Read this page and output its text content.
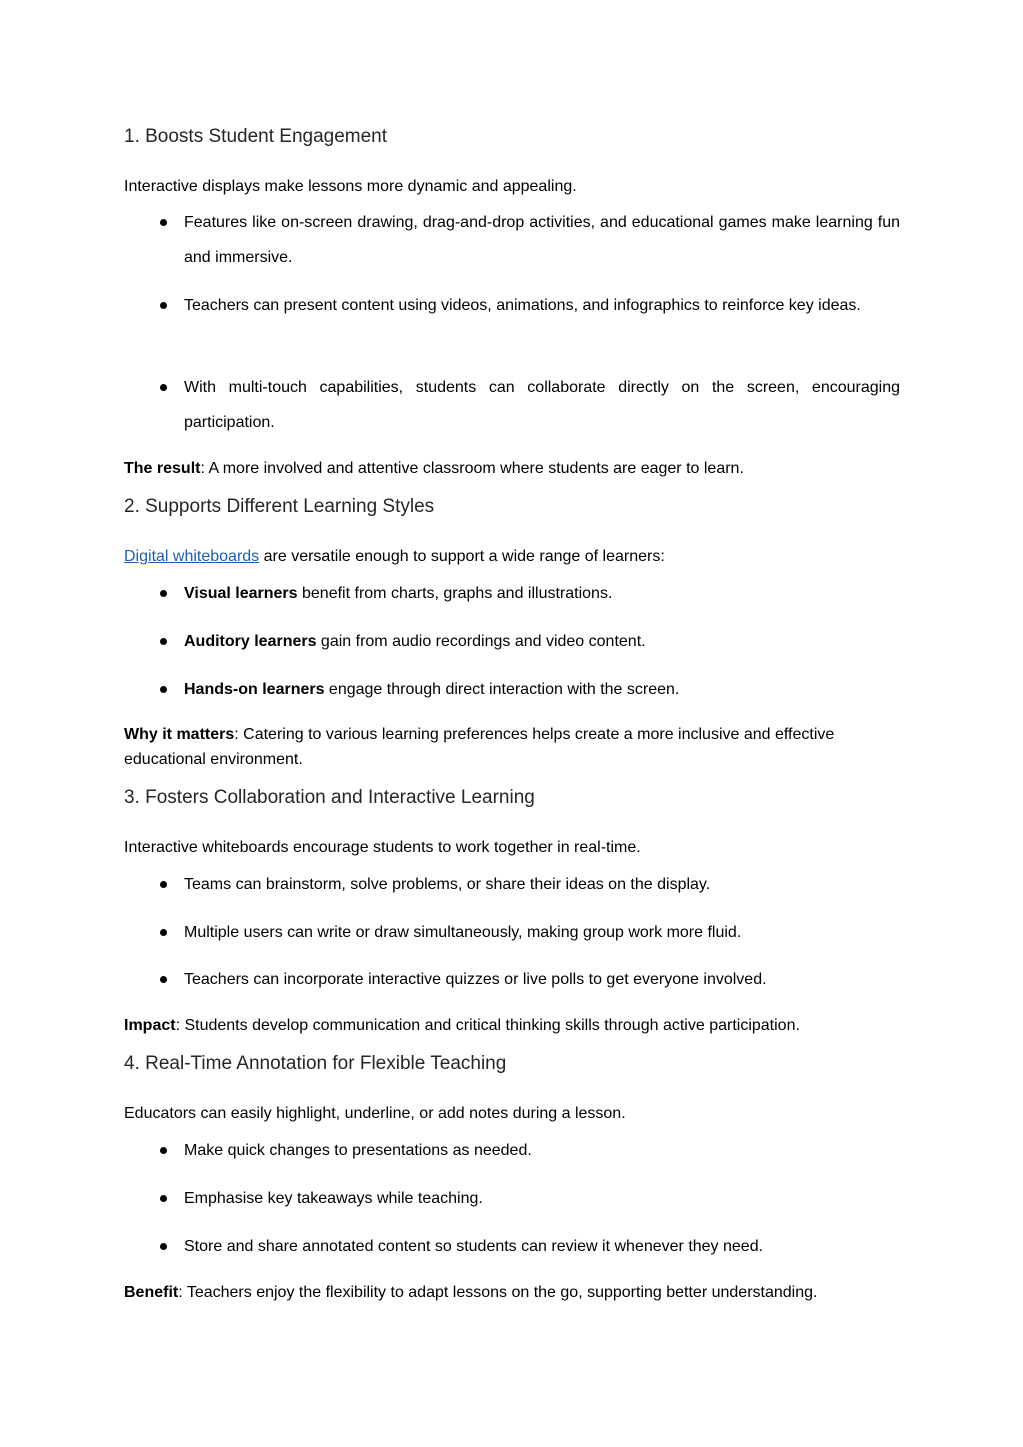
1. Boosts Student Engagement

Interactive displays make lessons more dynamic and appealing.

Features like on-screen drawing, drag-and-drop activities, and educational games make learning fun and immersive.

Teachers can present content using videos, animations, and infographics to reinforce key ideas.

With multi-touch capabilities, students can collaborate directly on the screen, encouraging participation.

The result: A more involved and attentive classroom where students are eager to learn.

2. Supports Different Learning Styles

Digital whiteboards are versatile enough to support a wide range of learners:

Visual learners benefit from charts, graphs and illustrations.

Auditory learners gain from audio recordings and video content.

Hands-on learners engage through direct interaction with the screen.

Why it matters: Catering to various learning preferences helps create a more inclusive and effective educational environment.

3. Fosters Collaboration and Interactive Learning

Interactive whiteboards encourage students to work together in real-time.

Teams can brainstorm, solve problems, or share their ideas on the display.

Multiple users can write or draw simultaneously, making group work more fluid.

Teachers can incorporate interactive quizzes or live polls to get everyone involved.

Impact: Students develop communication and critical thinking skills through active participation.

4. Real-Time Annotation for Flexible Teaching

Educators can easily highlight, underline, or add notes during a lesson.

Make quick changes to presentations as needed.

Emphasise key takeaways while teaching.

Store and share annotated content so students can review it whenever they need.

Benefit: Teachers enjoy the flexibility to adapt lessons on the go, supporting better understanding.
